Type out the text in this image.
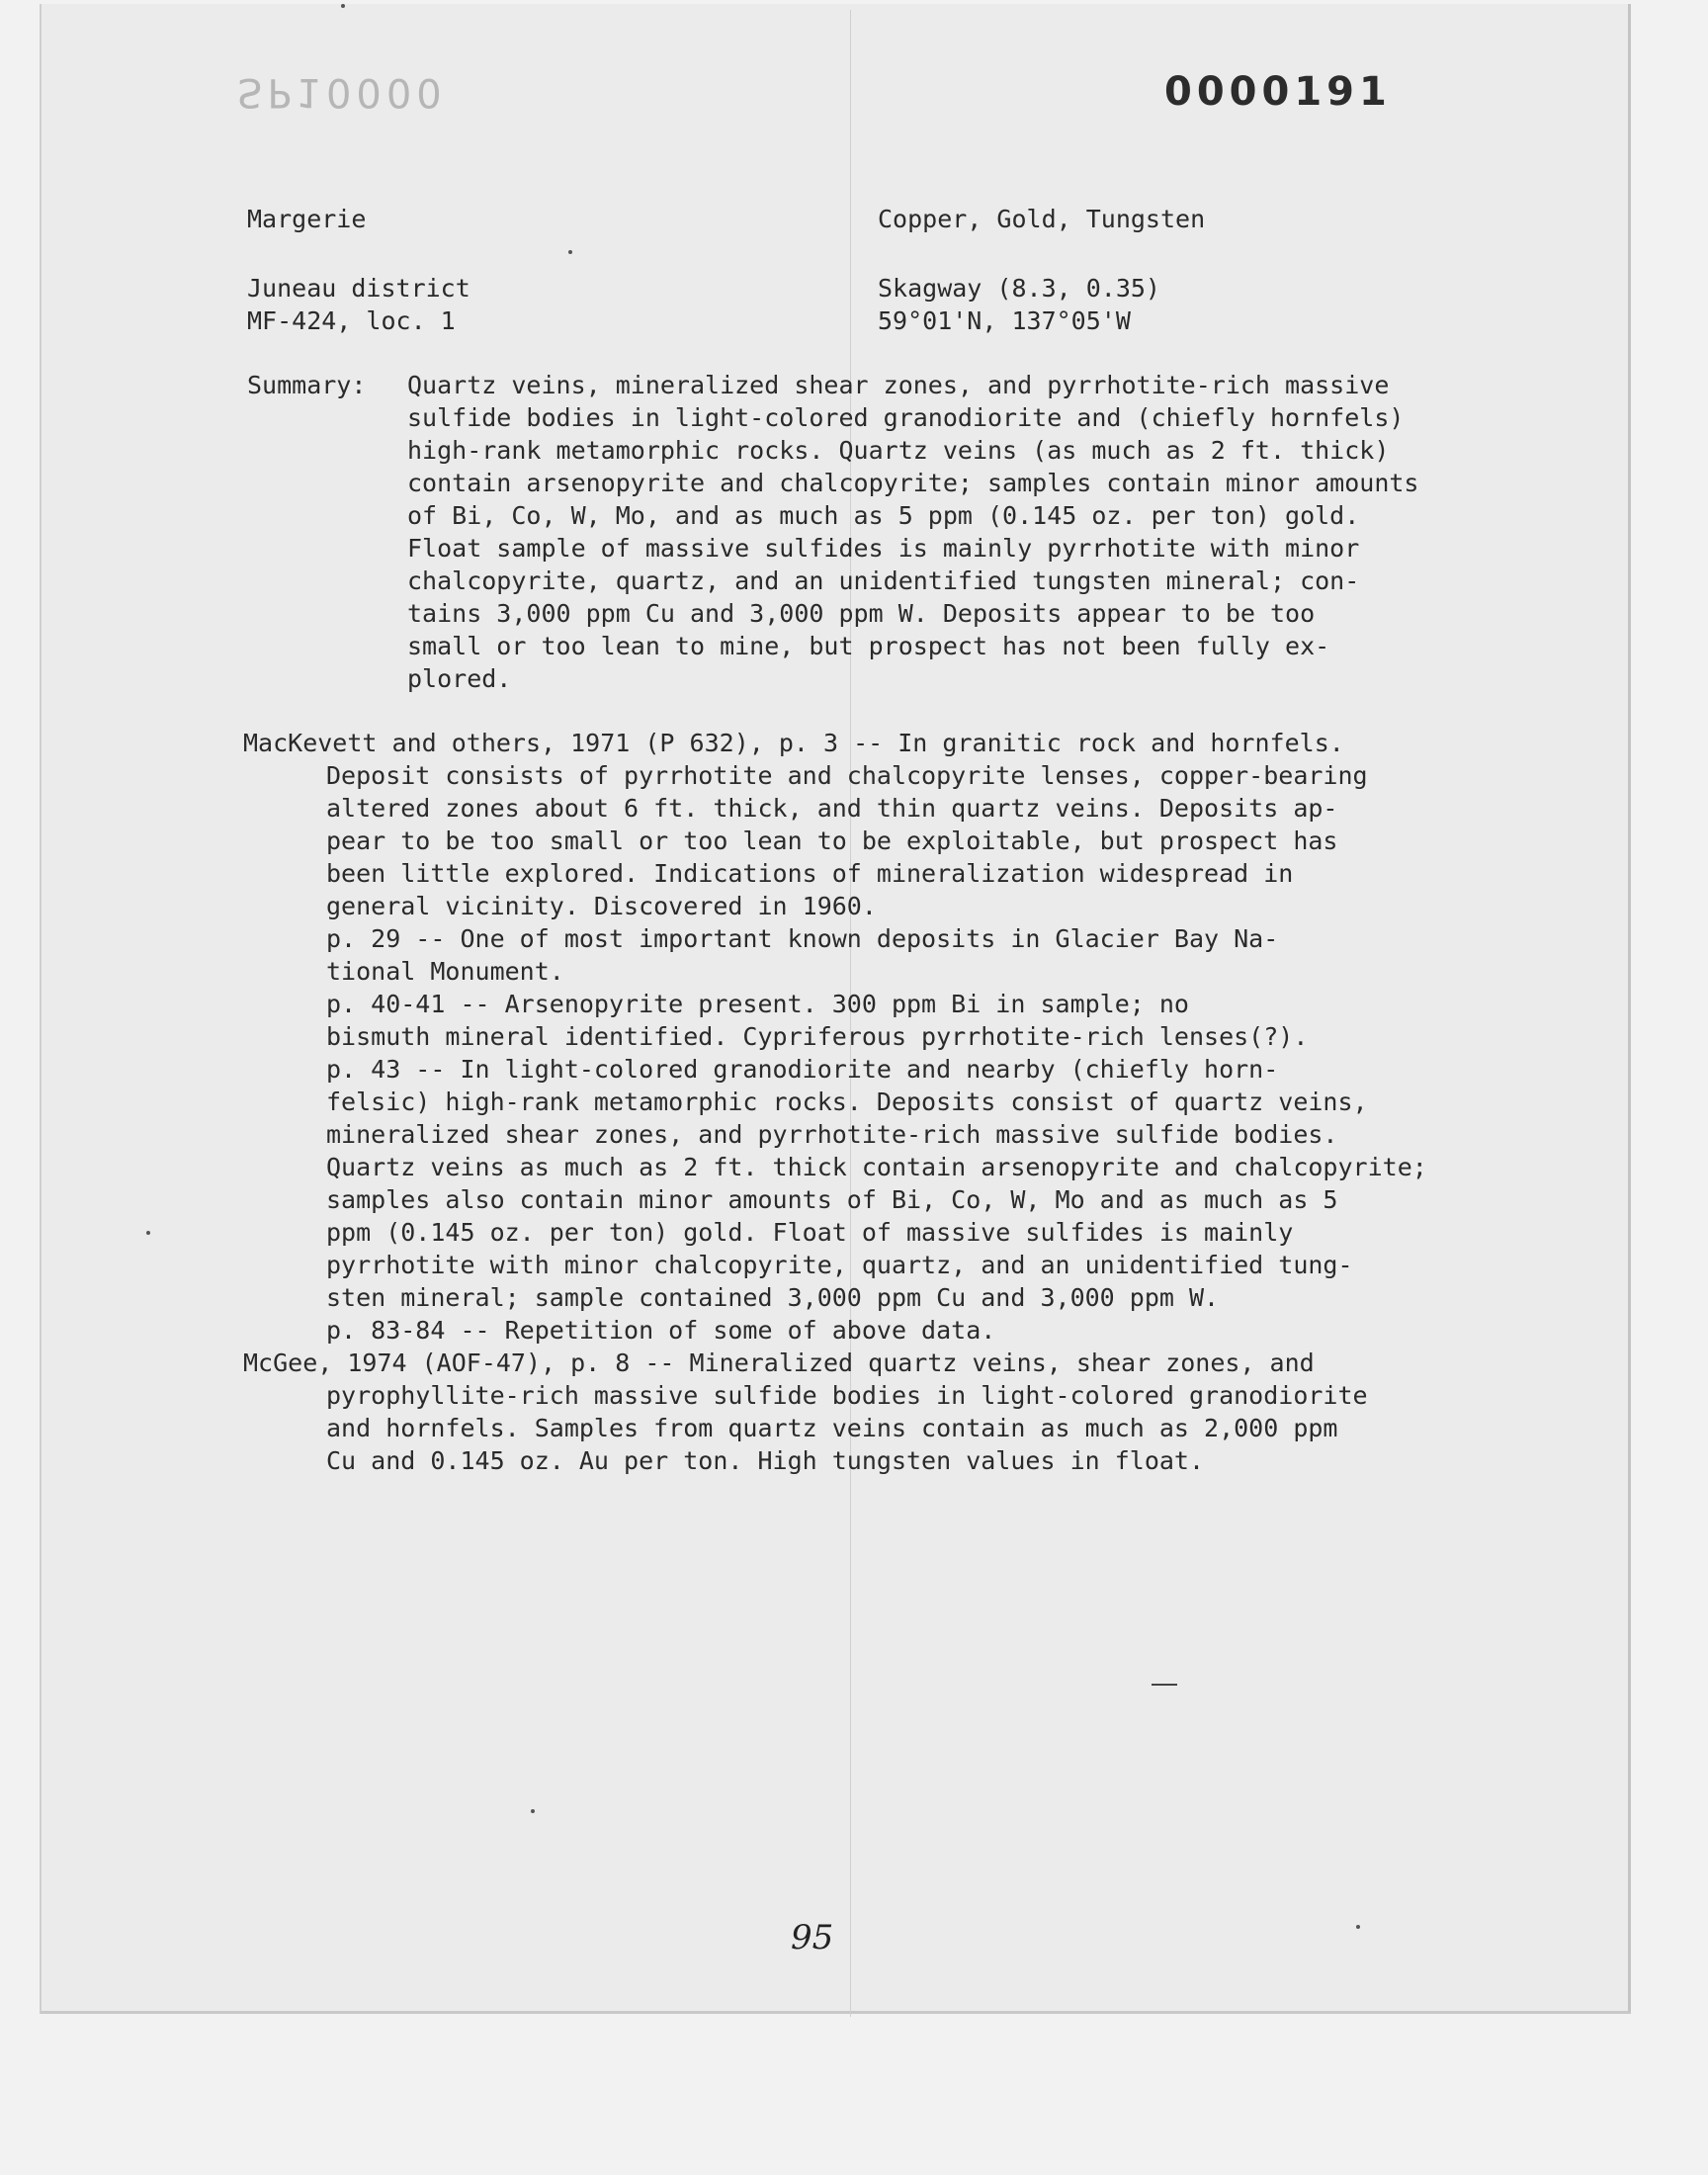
SP10000	0000191
Margerie	Copper, Gold, Tungsten
Juneau district	Skagway (8.3, 0.35)
MF-424, loc. 1	59°01'N, 137°05'W
Summary: Quartz veins, mineralized shear zones, and pyrrhotite-rich massive
sulfide bodies in light-colored granodiorite and (chiefly hornfels)
high-rank metamorphic rocks. Quartz veins (as much as 2 ft. thick)
contain arsenopyrite and chalcopyrite; samples contain minor amounts
of Bi, Co, W, Mo, and as much as 5 ppm (0.145 oz. per ton) gold.
Float sample of massive sulfides is mainly pyrrhotite with minor
chalcopyrite, quartz, and an unidentified tungsten mineral; con-
tains 3,000 ppm Cu and 3,000 ppm W. Deposits appear to be too
small or too lean to mine, but prospect has not been fully ex-
plored.
MacKevett and others, 1971 (P 632), p. 3 -- In granitic rock and hornfels.
Deposit consists of pyrrhotite and chalcopyrite lenses, copper-bearing
altered zones about 6 ft. thick, and thin quartz veins. Deposits ap-
pear to be too small or too lean to be exploitable, but prospect has
been little explored. Indications of mineralization widespread in
general vicinity. Discovered in 1960.
p. 29 -- One of most important known deposits in Glacier Bay Na-
tional Monument.
p. 40-41 -- Arsenopyrite present. 300 ppm Bi in sample; no
bismuth mineral identified. Cypriferous pyrrhotite-rich lenses(?).
p. 43 -- In light-colored granodiorite and nearby (chiefly horn-
felsic) high-rank metamorphic rocks. Deposits consist of quartz veins,
mineralized shear zones, and pyrrhotite-rich massive sulfide bodies.
Quartz veins as much as 2 ft. thick contain arsenopyrite and chalcopyrite;
samples also contain minor amounts of Bi, Co, W, Mo and as much as 5
ppm (0.145 oz. per ton) gold. Float of massive sulfides is mainly
pyrrhotite with minor chalcopyrite, quartz, and an unidentified tung-
sten mineral; sample contained 3,000 ppm Cu and 3,000 ppm W.
p. 83-84 -- Repetition of some of above data.
McGee, 1974 (AOF-47), p. 8 -- Mineralized quartz veins, shear zones, and
pyrophyllite-rich massive sulfide bodies in light-colored granodiorite
and hornfels. Samples from quartz veins contain as much as 2,000 ppm
Cu and 0.145 oz. Au per ton. High tungsten values in float.
95
